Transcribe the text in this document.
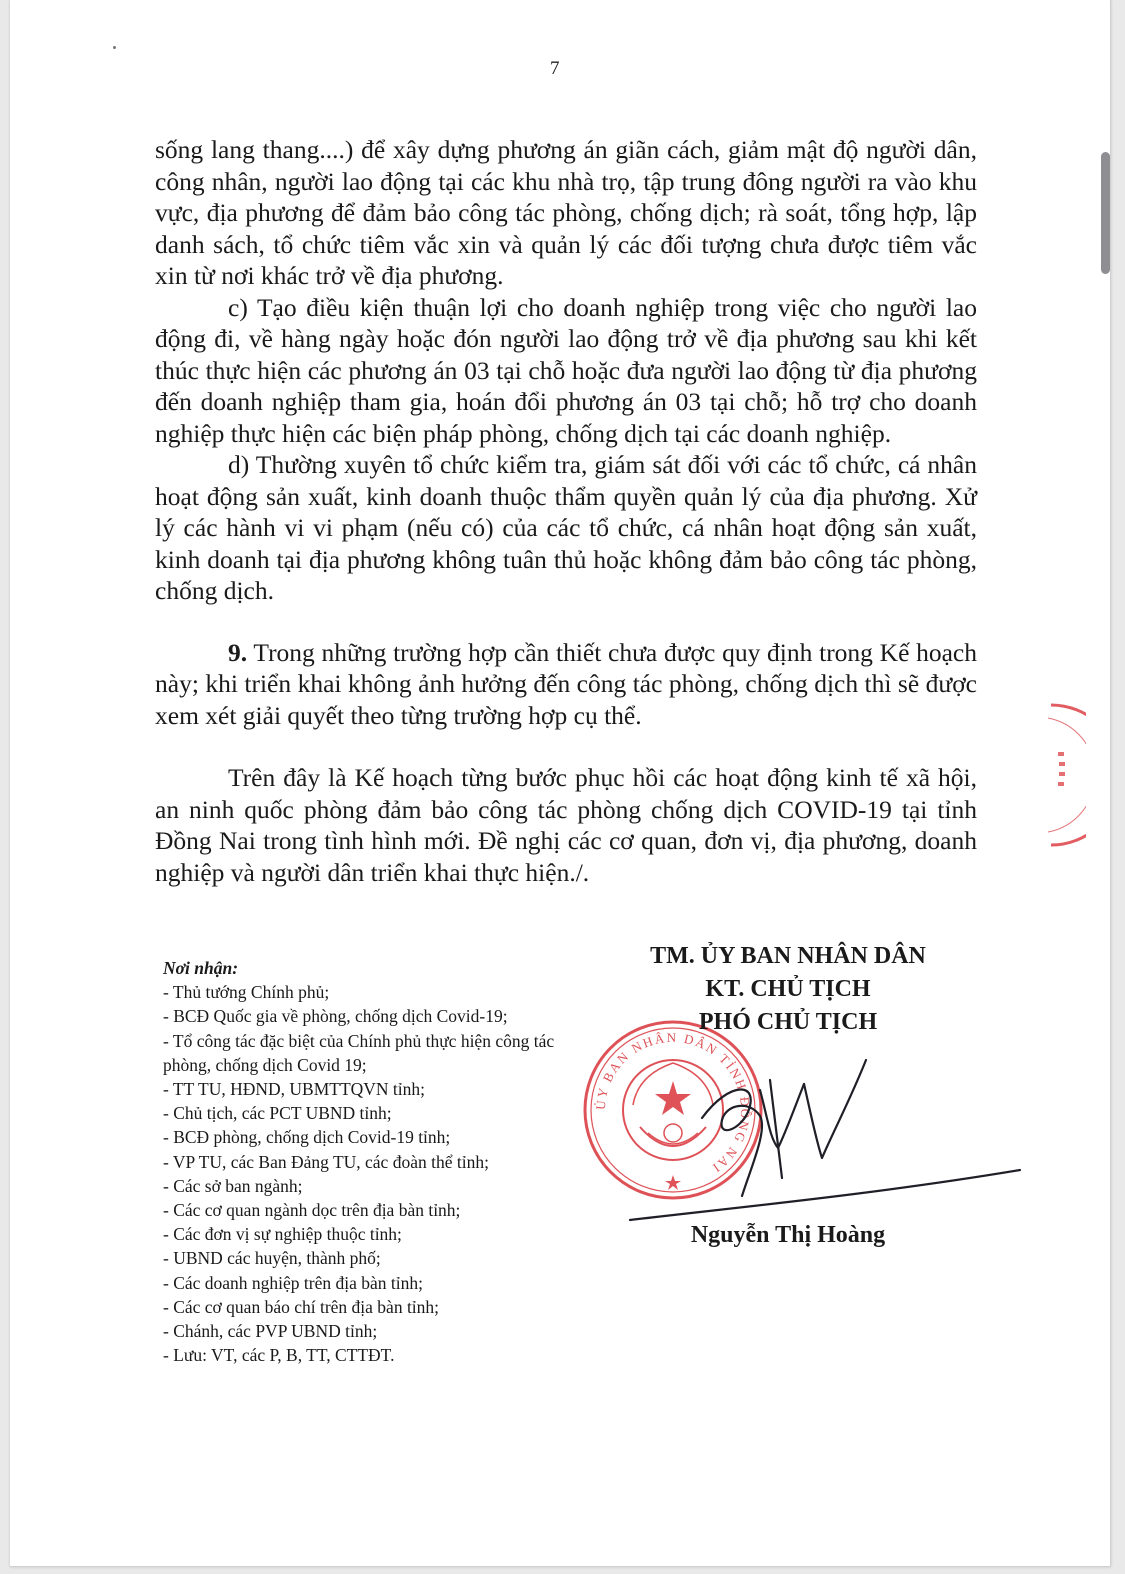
7

sống lang thang....) để xây dựng phương án giãn cách, giảm mật độ người dân, công nhân, người lao động tại các khu nhà trọ, tập trung đông người ra vào khu vực, địa phương để đảm bảo công tác phòng, chống dịch; rà soát, tổng hợp, lập danh sách, tổ chức tiêm vắc xin và quản lý các đối tượng chưa được tiêm vắc xin từ nơi khác trở về địa phương.

c) Tạo điều kiện thuận lợi cho doanh nghiệp trong việc cho người lao động đi, về hàng ngày hoặc đón người lao động trở về địa phương sau khi kết thúc thực hiện các phương án 03 tại chỗ hoặc đưa người lao động từ địa phương đến doanh nghiệp tham gia, hoán đổi phương án 03 tại chỗ; hỗ trợ cho doanh nghiệp thực hiện các biện pháp phòng, chống dịch tại các doanh nghiệp.

d) Thường xuyên tổ chức kiểm tra, giám sát đối với các tổ chức, cá nhân hoạt động sản xuất, kinh doanh thuộc thẩm quyền quản lý của địa phương. Xử lý các hành vi vi phạm (nếu có) của các tổ chức, cá nhân hoạt động sản xuất, kinh doanh tại địa phương không tuân thủ hoặc không đảm bảo công tác phòng, chống dịch.

9. Trong những trường hợp cần thiết chưa được quy định trong Kế hoạch này; khi triển khai không ảnh hưởng đến công tác phòng, chống dịch thì sẽ được xem xét giải quyết theo từng trường hợp cụ thể.

Trên đây là Kế hoạch từng bước phục hồi các hoạt động kinh tế xã hội, an ninh quốc phòng đảm bảo công tác phòng chống dịch COVID-19 tại tỉnh Đồng Nai trong tình hình mới. Đề nghị các cơ quan, đơn vị, địa phương, doanh nghiệp và người dân triển khai thực hiện./.

Nơi nhận:
- Thủ tướng Chính phủ;
- BCĐ Quốc gia về phòng, chống dịch Covid-19;
- Tổ công tác đặc biệt của Chính phủ thực hiện công tác phòng, chống dịch Covid 19;
- TT TU, HĐND, UBMTTQVN tỉnh;
- Chủ tịch, các PCT UBND tỉnh;
- BCĐ phòng, chống dịch Covid-19 tỉnh;
- VP TU, các Ban Đảng TU, các đoàn thể tỉnh;
- Các sở ban ngành;
- Các cơ quan ngành dọc trên địa bàn tỉnh;
- Các đơn vị sự nghiệp thuộc tỉnh;
- UBND các huyện, thành phố;
- Các doanh nghiệp trên địa bàn tỉnh;
- Các cơ quan báo chí trên địa bàn tỉnh;
- Chánh, các PVP UBND tỉnh;
- Lưu: VT, các P, B, TT, CTTĐT.
ỦY BAN NHÂN DÂN TỈNH ĐỒNG NAI
TM. ỦY BAN NHÂN DÂN
KT. CHỦ TỊCH
PHÓ CHỦ TỊCH
Nguyễn Thị Hoàng
